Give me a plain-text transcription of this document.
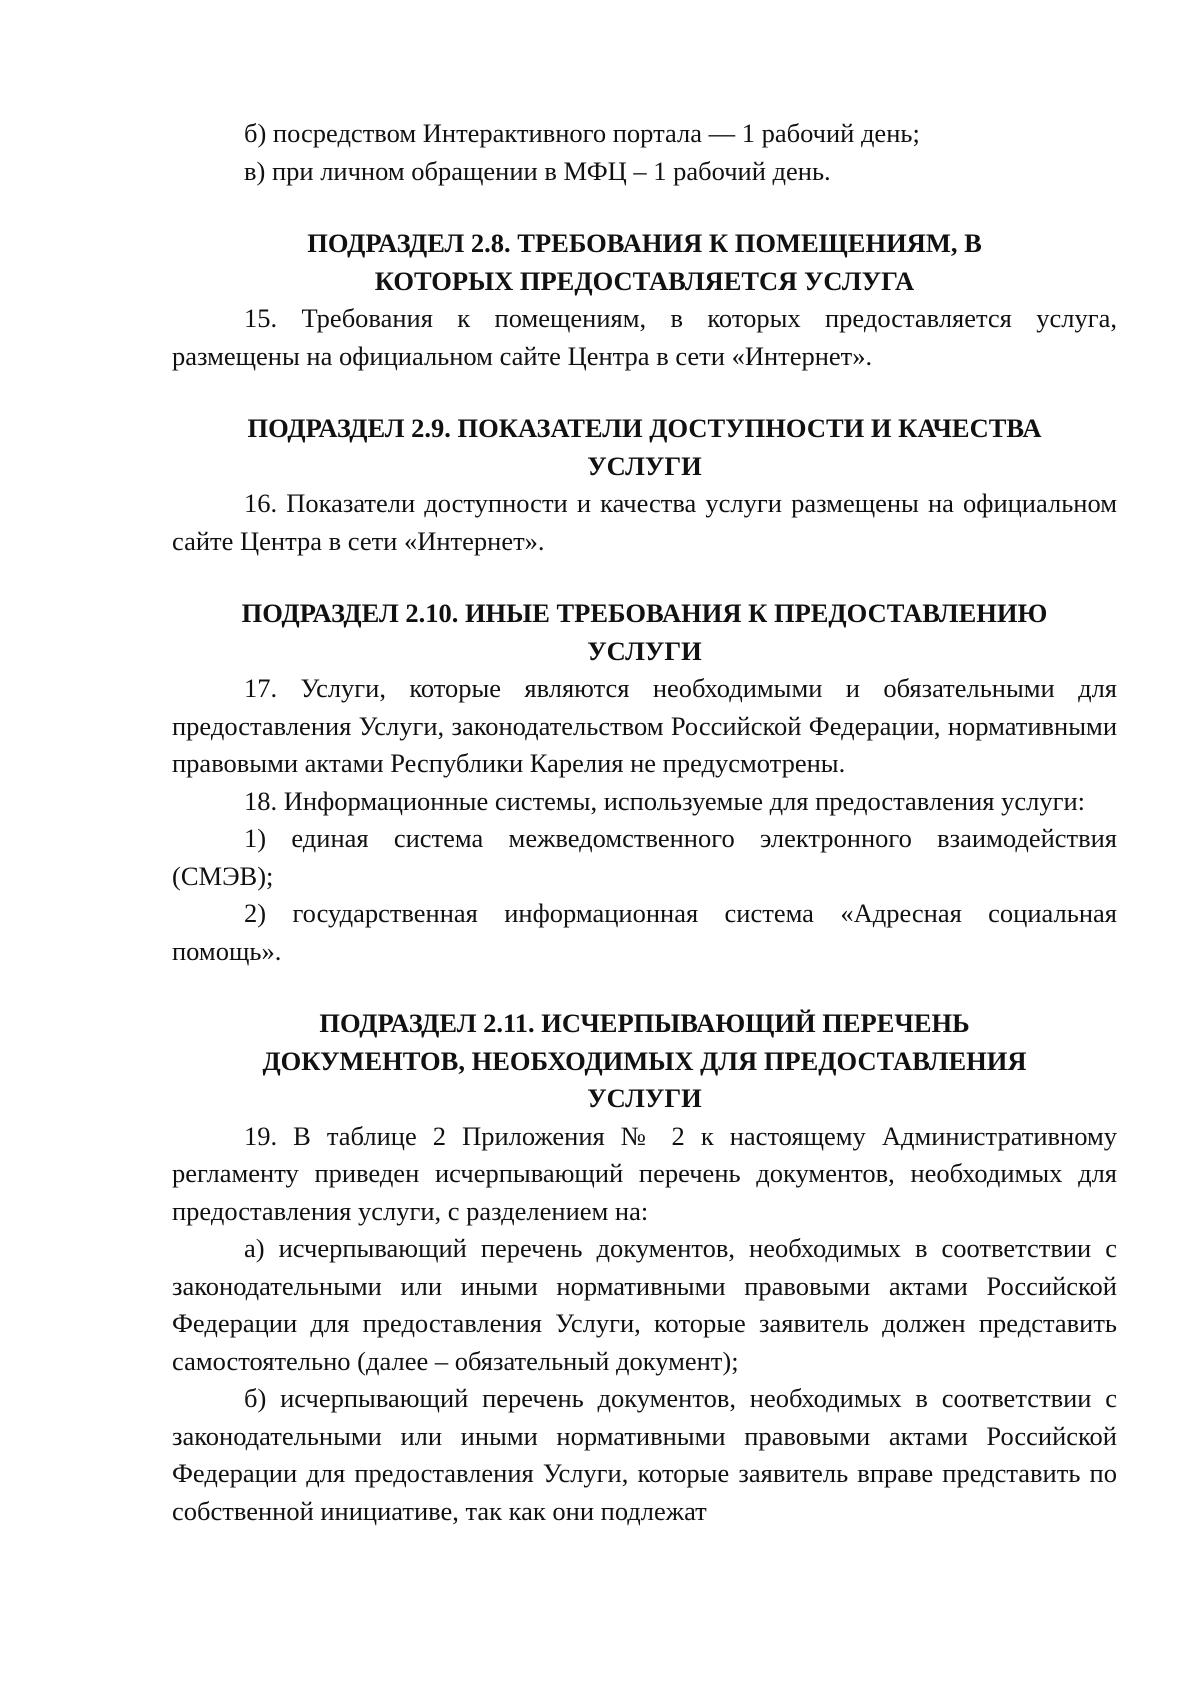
б) посредством Интерактивного портала — 1 рабочий день;

в) при личном обращении в МФЦ – 1 рабочий день.

ПОДРАЗДЕЛ 2.8. ТРЕБОВАНИЯ К ПОМЕЩЕНИЯМ, В
КОТОРЫХ ПРЕДОСТАВЛЯЕТСЯ УСЛУГА

15. Требования к помещениям, в которых предоставляется услуга, размещены на официальном сайте Центра в сети «Интернет».

ПОДРАЗДЕЛ 2.9. ПОКАЗАТЕЛИ ДОСТУПНОСТИ И КАЧЕСТВА
УСЛУГИ

16. Показатели доступности и качества услуги размещены на официальном сайте Центра в сети «Интернет».

ПОДРАЗДЕЛ 2.10. ИНЫЕ ТРЕБОВАНИЯ К ПРЕДОСТАВЛЕНИЮ
УСЛУГИ

17. Услуги, которые являются необходимыми и обязательными для предоставления Услуги, законодательством Российской Федерации, нормативными правовыми актами Республики Карелия не предусмотрены.

18. Информационные системы, используемые для предоставления услуги:

1) единая система межведомственного электронного взаимодействия (СМЭВ);

2) государственная информационная система «Адресная социальная помощь».

ПОДРАЗДЕЛ 2.11. ИСЧЕРПЫВАЮЩИЙ ПЕРЕЧЕНЬ
ДОКУМЕНТОВ, НЕОБХОДИМЫХ ДЛЯ ПРЕДОСТАВЛЕНИЯ
УСЛУГИ

19. В таблице 2 Приложения № 2 к настоящему Административному регламенту приведен исчерпывающий перечень документов, необходимых для предоставления услуги, с разделением на:

а) исчерпывающий перечень документов, необходимых в соответствии с законодательными или иными нормативными правовыми актами Российской Федерации для предоставления Услуги, которые заявитель должен представить самостоятельно (далее – обязательный документ);

б) исчерпывающий перечень документов, необходимых в соответствии с законодательными или иными нормативными правовыми актами Российской Федерации для предоставления Услуги, которые заявитель вправе представить по собственной инициативе, так как они подлежат
